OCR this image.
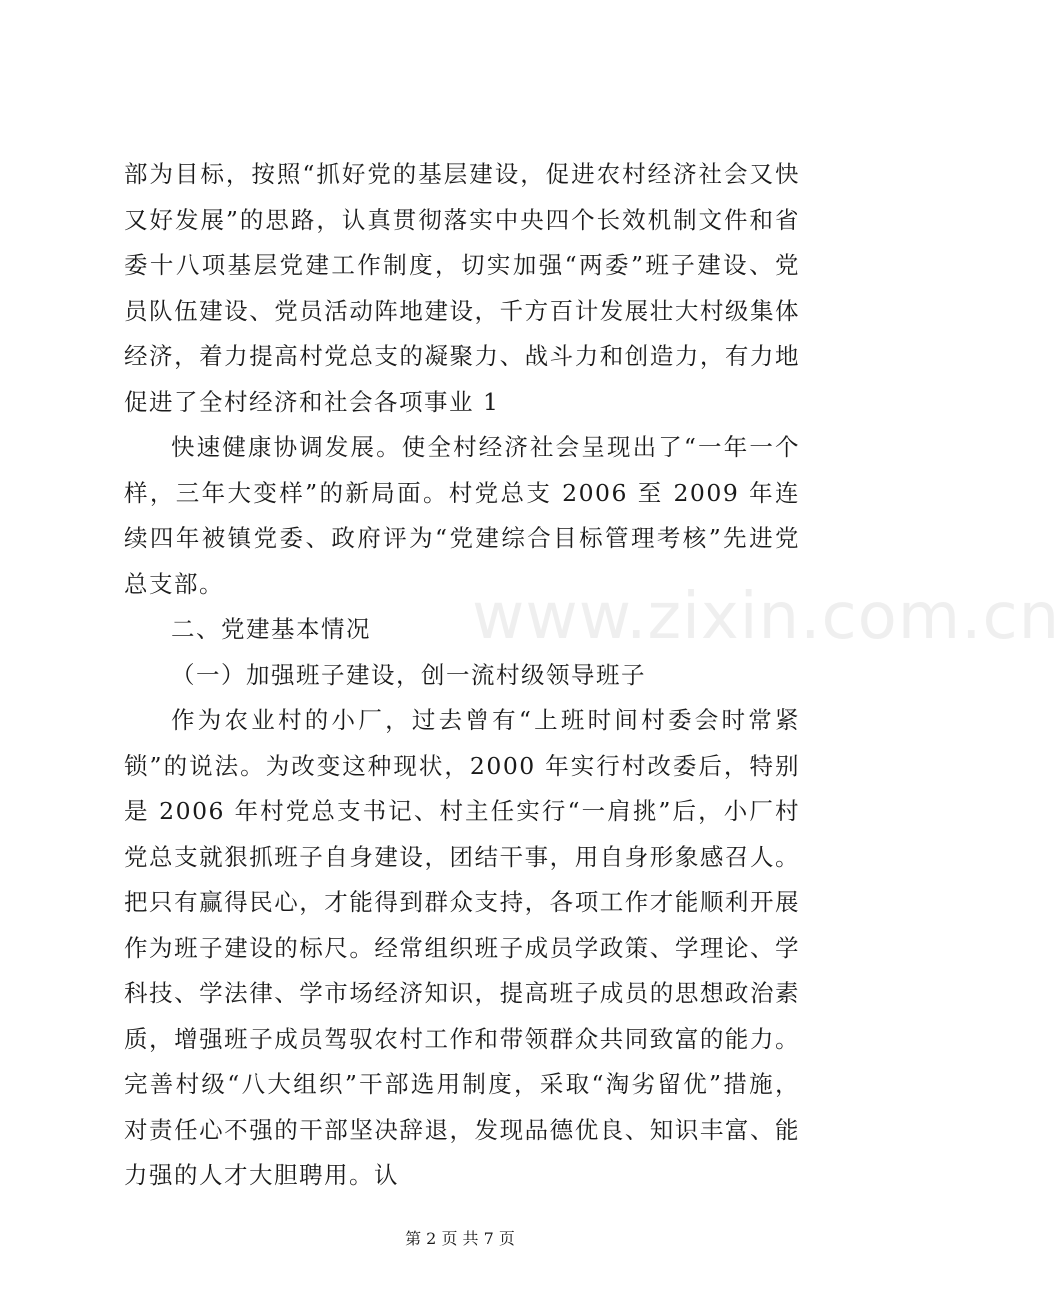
部为目标，按照“抓好党的基层建设，促进农村经济社会又快又好发展”的思路，认真贯彻落实中央四个长效机制文件和省委十八项基层党建工作制度，切实加强“两委”班子建设、党员队伍建设、党员活动阵地建设，千方百计发展壮大村级集体经济，着力提高村党总支的凝聚力、战斗力和创造力，有力地促进了全村经济和社会各项事业 1

快速健康协调发展。使全村经济社会呈现出了“一年一个样，三年大变样”的新局面。村党总支 2006 至 2009 年连续四年被镇党委、政府评为“党建综合目标管理考核”先进党总支部。

二、党建基本情况

（一）加强班子建设，创一流村级领导班子

作为农业村的小厂，过去曾有“上班时间村委会时常紧锁”的说法。为改变这种现状，2000 年实行村改委后，特别是 2006 年村党总支书记、村主任实行“一肩挑”后，小厂村党总支就狠抓班子自身建设，团结干事，用自身形象感召人。把只有赢得民心，才能得到群众支持，各项工作才能顺利开展作为班子建设的标尺。经常组织班子成员学政策、学理论、学科技、学法律、学市场经济知识，提高班子成员的思想政治素质，增强班子成员驾驭农村工作和带领群众共同致富的能力。完善村级“八大组织”干部选用制度，采取“淘劣留优”措施，对责任心不强的干部坚决辞退，发现品德优良、知识丰富、能力强的人才大胆聘用。认

www.zixin.com.cn
第 2 页 共 7 页
